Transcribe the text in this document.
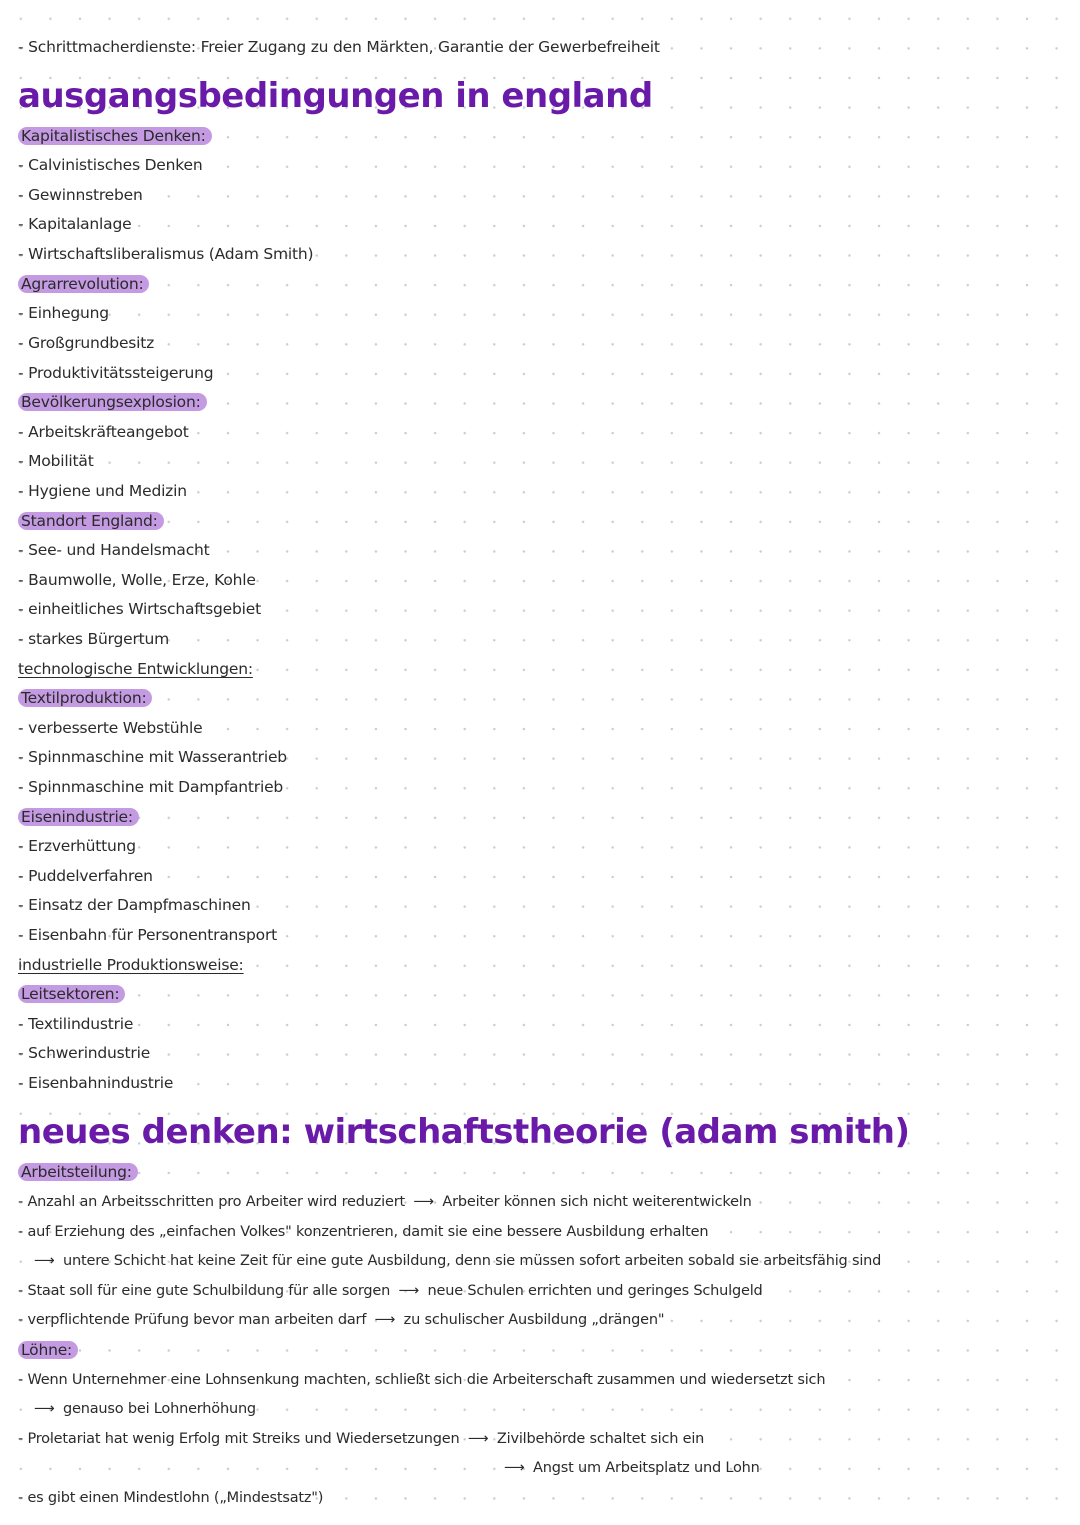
- Schrittmacherdienste: Freier Zugang zu den Märkten, Garantie der Gewerbefreiheit
ausgangsbedingungen in england
Kapitalistisches Denken:
- Calvinistisches Denken
- Gewinnstreben
- Kapitalanlage
- Wirtschaftsliberalismus (Adam Smith)
Agrarrevolution:
- Einhegung
- Großgrundbesitz
- Produktivitätssteigerung
Bevölkerungsexplosion:
- Arbeitskräfteangebot
- Mobilität
- Hygiene und Medizin
Standort England:
- See- und Handelsmacht
- Baumwolle, Wolle, Erze, Kohle
- einheitliches Wirtschaftsgebiet
- starkes Bürgertum
technologische Entwicklungen:
Textilproduktion:
- verbesserte Webstühle
- Spinnmaschine mit Wasserantrieb
- Spinnmaschine mit Dampfantrieb
Eisenindustrie:
- Erzverhüttung
- Puddelverfahren
- Einsatz der Dampfmaschinen
- Eisenbahn für Personentransport
industrielle Produktionsweise:
Leitsektoren:
- Textilindustrie
- Schwerindustrie
- Eisenbahnindustrie
neues denken: wirtschaftstheorie (adam smith)
Arbeitsteilung:
- Anzahl an Arbeitsschritten pro Arbeiter wird reduziert ⟶ Arbeiter können sich nicht weiterentwickeln
- auf Erziehung des „einfachen Volkes" konzentrieren, damit sie eine bessere Ausbildung erhalten
⟶ untere Schicht hat keine Zeit für eine gute Ausbildung, denn sie müssen sofort arbeiten sobald sie arbeitsfähig sind
- Staat soll für eine gute Schulbildung für alle sorgen ⟶ neue Schulen errichten und geringes Schulgeld
- verpflichtende Prüfung bevor man arbeiten darf ⟶ zu schulischer Ausbildung „drängen"
Löhne:
- Wenn Unternehmer eine Lohnsenkung machten, schließt sich die Arbeiterschaft zusammen und wiedersetzt sich
⟶ genauso bei Lohnerhöhung
- Proletariat hat wenig Erfolg mit Streiks und Wiedersetzungen ⟶ Zivilbehörde schaltet sich ein
⟶ Angst um Arbeitsplatz und Lohn
- es gibt einen Mindestlohn („Mindestsatz")
